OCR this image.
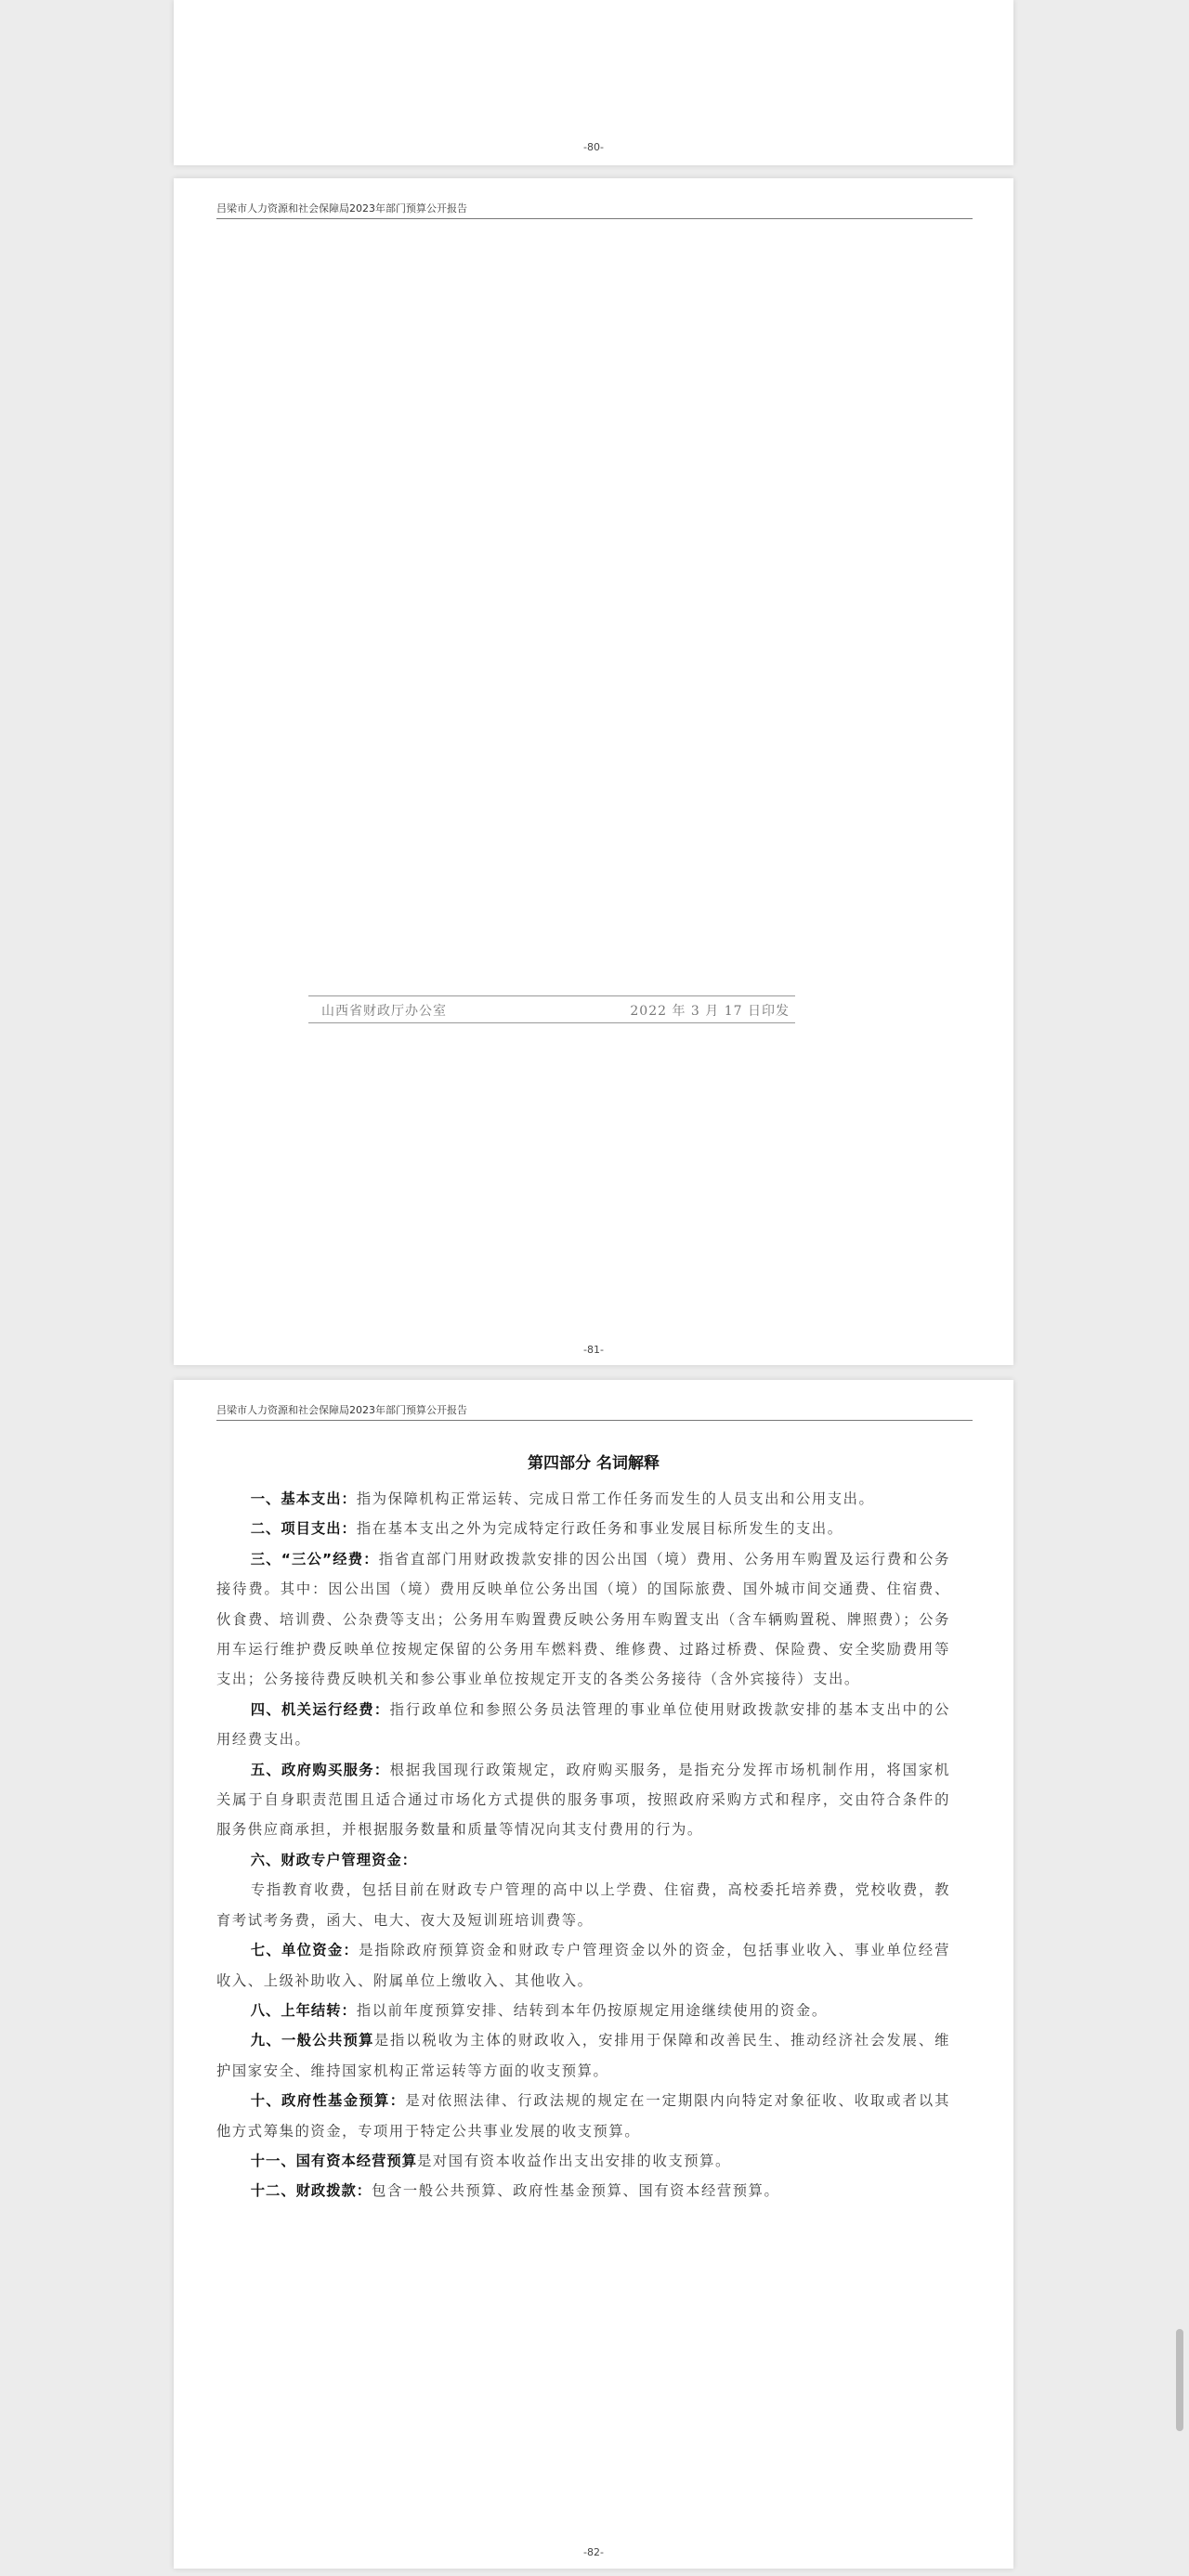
-80-
吕梁市人力资源和社会保障局2023年部门预算公开报告
山西省财政厅办公室	2022 年 3 月 17 日印发
-81-
吕梁市人力资源和社会保障局2023年部门预算公开报告
第四部分 名词解释

一、基本支出：指为保障机构正常运转、完成日常工作任务而发生的人员支出和公用支出。

二、项目支出：指在基本支出之外为完成特定行政任务和事业发展目标所发生的支出。

三、“三公”经费：指省直部门用财政拨款安排的因公出国（境）费用、公务用车购置及运行费和公务接待费。其中：因公出国（境）费用反映单位公务出国（境）的国际旅费、国外城市间交通费、住宿费、伙食费、培训费、公杂费等支出；公务用车购置费反映公务用车购置支出（含车辆购置税、牌照费）；公务用车运行维护费反映单位按规定保留的公务用车燃料费、维修费、过路过桥费、保险费、安全奖励费用等支出；公务接待费反映机关和参公事业单位按规定开支的各类公务接待（含外宾接待）支出。

四、机关运行经费：指行政单位和参照公务员法管理的事业单位使用财政拨款安排的基本支出中的公用经费支出。

五、政府购买服务：根据我国现行政策规定，政府购买服务，是指充分发挥市场机制作用，将国家机关属于自身职责范围且适合通过市场化方式提供的服务事项，按照政府采购方式和程序，交由符合条件的服务供应商承担，并根据服务数量和质量等情况向其支付费用的行为。

六、财政专户管理资金：

专指教育收费，包括目前在财政专户管理的高中以上学费、住宿费，高校委托培养费，党校收费，教育考试考务费，函大、电大、夜大及短训班培训费等。

七、单位资金：是指除政府预算资金和财政专户管理资金以外的资金，包括事业收入、事业单位经营收入、上级补助收入、附属单位上缴收入、其他收入。

八、上年结转：指以前年度预算安排、结转到本年仍按原规定用途继续使用的资金。

九、一般公共预算是指以税收为主体的财政收入，安排用于保障和改善民生、推动经济社会发展、维护国家安全、维持国家机构正常运转等方面的收支预算。

十、政府性基金预算：是对依照法律、行政法规的规定在一定期限内向特定对象征收、收取或者以其他方式筹集的资金，专项用于特定公共事业发展的收支预算。

十一、国有资本经营预算是对国有资本收益作出支出安排的收支预算。

十二、财政拨款：包含一般公共预算、政府性基金预算、国有资本经营预算。

-82-
